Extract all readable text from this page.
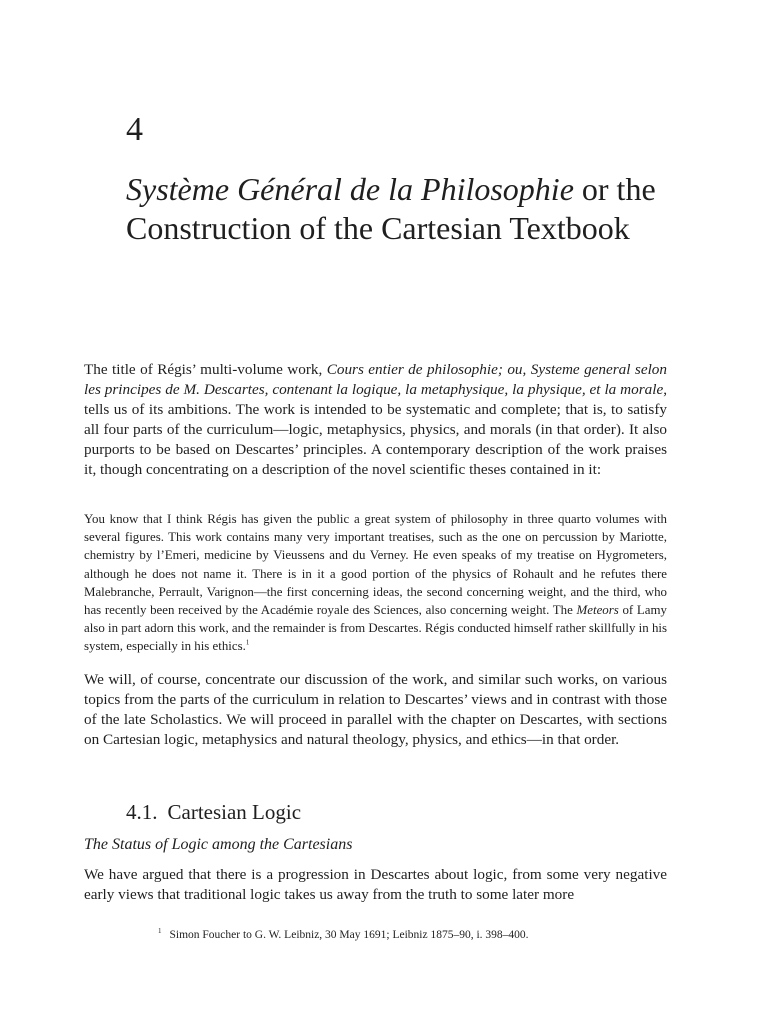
4
Système Général de la Philosophie or the Construction of the Cartesian Textbook

The title of Régis’ multi-volume work, Cours entier de philosophie; ou, Systeme general selon les principes de M. Descartes, contenant la logique, la metaphysique, la physique, et la morale, tells us of its ambitions. The work is intended to be systematic and complete; that is, to satisfy all four parts of the curriculum—logic, metaphysics, physics, and morals (in that order). It also purports to be based on Descartes’ principles. A contemporary description of the work praises it, though concentrating on a description of the novel scientific theses contained in it:

You know that I think Régis has given the public a great system of philosophy in three quarto volumes with several figures. This work contains many very important treatises, such as the one on percussion by Mariotte, chemistry by l’Emeri, medicine by Vieussens and du Verney. He even speaks of my treatise on Hygrometers, although he does not name it. There is in it a good portion of the physics of Rohault and he refutes there Malebranche, Perrault, Varignon—the first concerning ideas, the second concerning weight, and the third, who has recently been received by the Académie royale des Sciences, also concerning weight. The Meteors of Lamy also in part adorn this work, and the remainder is from Descartes. Régis conducted himself rather skillfully in his system, especially in his ethics.$^1$

We will, of course, concentrate our discussion of the work, and similar such works, on various topics from the parts of the curriculum in relation to Descartes’ views and in contrast with those of the late Scholastics. We will proceed in parallel with the chapter on Descartes, with sections on Cartesian logic, metaphysics and natural theology, physics, and ethics—in that order.

4.1. Cartesian Logic
The Status of Logic among the Cartesians

We have argued that there is a progression in Descartes about logic, from some very negative early views that traditional logic takes us away from the truth to some later more

$^1$ Simon Foucher to G. W. Leibniz, 30 May 1691; Leibniz 1875–90, i. 398–400.
